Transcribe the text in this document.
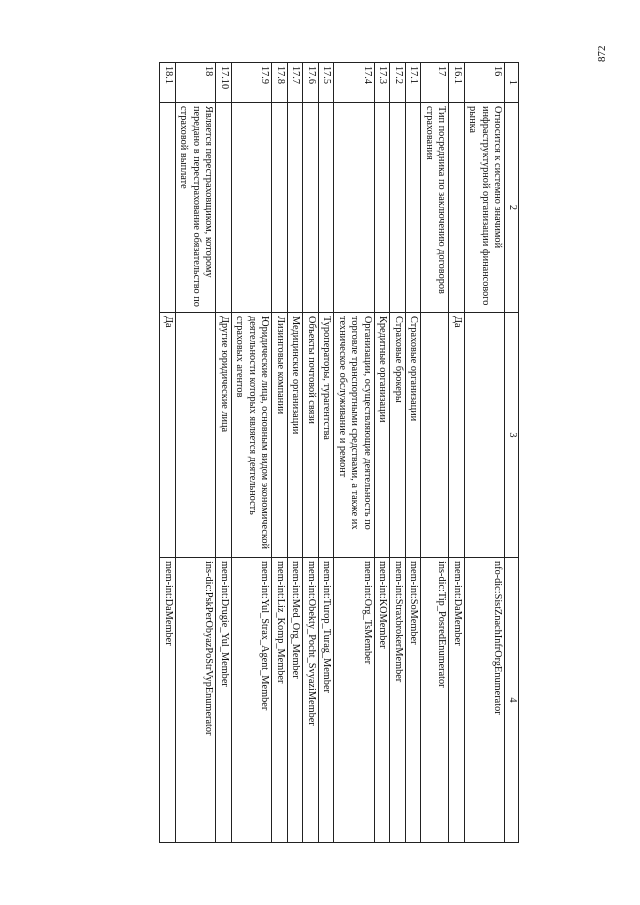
872
1	2	3	4
16	Относится к системно значимой инфраструктурной организации финансового рынка		nfo-dic:SistZnachInfrOrgEnumerator
16.1		Да	mem-int:DaMember
17	Тип посредника по заключению договоров страхования		ins-dic:Tip_PosredEnumerator
17.1		Страховые организации	mem-int:SoMember
17.2		Страховые брокеры	mem-int:StraxbrokerMember
17.3		Кредитные организации	mem-int:KOMember
17.4		Организации, осуществляющие деятельность по торговле транспортными средствами, а также их техническое обслуживание и ремонт	mem-int:Org_TsMember
17.5		Туроператоры, турагентства	mem-int:Turop_Turag_Member
17.6		Объекты почтовой связи	mem-int:Obekty_Pocht_SvyaziMember
17.7		Медицинские организации	mem-int:Med_Org_Member
17.8		Лизинговые компании	mem-int:Liz_Komp_Member
17.9		Юридические лица, основным видом экономической деятельности которых является деятельность страховых агентов	mem-int:Yul_Strax_Agent_Member
17.10		Другие юридические лица	mem-int:Drugie_Yul_Member
18	Является перестраховщиком, которому передано в перестрахование обязательство по страховой выплате		ins-dic:PskPerObyazPoStrVypEnumerator
18.1		Да	mem-int:DaMember
